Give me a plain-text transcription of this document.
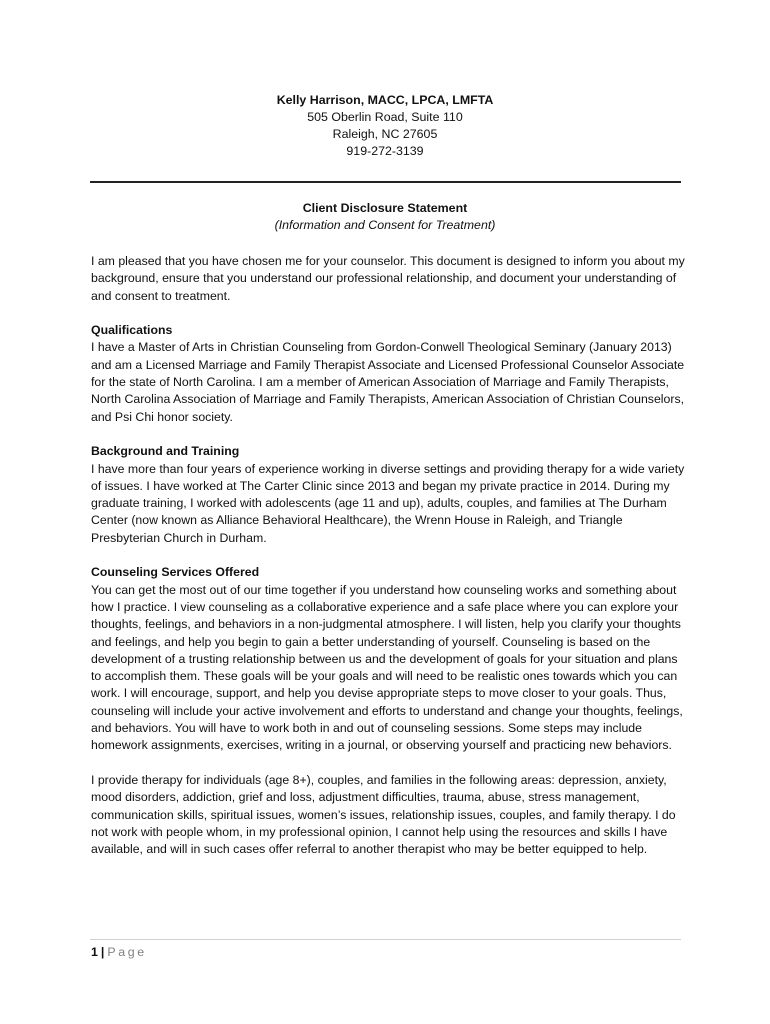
Kelly Harrison, MACC, LPCA, LMFTA
505 Oberlin Road, Suite 110
Raleigh, NC 27605
919-272-3139
Client Disclosure Statement
(Information and Consent for Treatment)

I am pleased that you have chosen me for your counselor. This document is designed to inform you about my background, ensure that you understand our professional relationship, and document your understanding of and consent to treatment.

Qualifications
I have a Master of Arts in Christian Counseling from Gordon-Conwell Theological Seminary (January 2013) and am a Licensed Marriage and Family Therapist Associate and Licensed Professional Counselor Associate for the state of North Carolina. I am a member of American Association of Marriage and Family Therapists, North Carolina Association of Marriage and Family Therapists, American Association of Christian Counselors, and Psi Chi honor society.

Background and Training
I have more than four years of experience working in diverse settings and providing therapy for a wide variety of issues. I have worked at The Carter Clinic since 2013 and began my private practice in 2014. During my graduate training, I worked with adolescents (age 11 and up), adults, couples, and families at The Durham Center (now known as Alliance Behavioral Healthcare), the Wrenn House in Raleigh, and Triangle Presbyterian Church in Durham.

Counseling Services Offered
You can get the most out of our time together if you understand how counseling works and something about how I practice. I view counseling as a collaborative experience and a safe place where you can explore your thoughts, feelings, and behaviors in a non-judgmental atmosphere. I will listen, help you clarify your thoughts and feelings, and help you begin to gain a better understanding of yourself. Counseling is based on the development of a trusting relationship between us and the development of goals for your situation and plans to accomplish them. These goals will be your goals and will need to be realistic ones towards which you can work. I will encourage, support, and help you devise appropriate steps to move closer to your goals. Thus, counseling will include your active involvement and efforts to understand and change your thoughts, feelings, and behaviors. You will have to work both in and out of counseling sessions. Some steps may include homework assignments, exercises, writing in a journal, or observing yourself and practicing new behaviors.

I provide therapy for individuals (age 8+), couples, and families in the following areas: depression, anxiety, mood disorders, addiction, grief and loss, adjustment difficulties, trauma, abuse, stress management, communication skills, spiritual issues, women’s issues, relationship issues, couples, and family therapy. I do not work with people whom, in my professional opinion, I cannot help using the resources and skills I have available, and will in such cases offer referral to another therapist who may be better equipped to help.

1 | Page
